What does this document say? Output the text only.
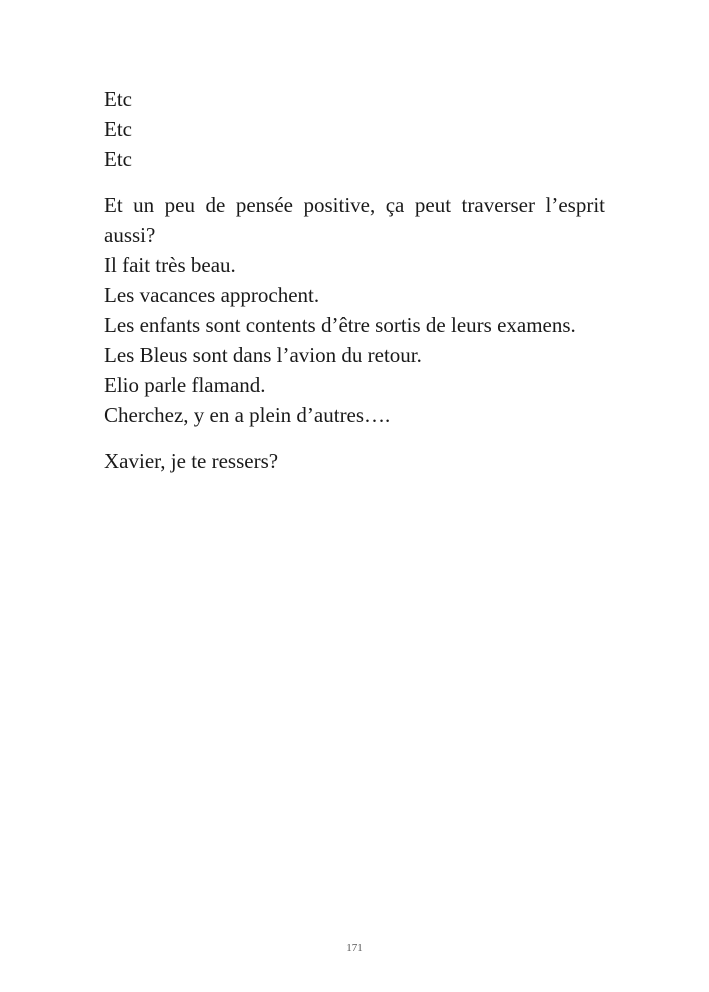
Etc

Etc

Etc

Et un peu de pensée positive, ça peut traverser l’esprit aussi?

Il fait très beau.

Les vacances approchent.

Les enfants sont contents d’être sortis de leurs examens.

Les Bleus sont dans l’avion du retour.

Elio parle flamand.

Cherchez, y en a plein d’autres….

Xavier, je te ressers?

171
